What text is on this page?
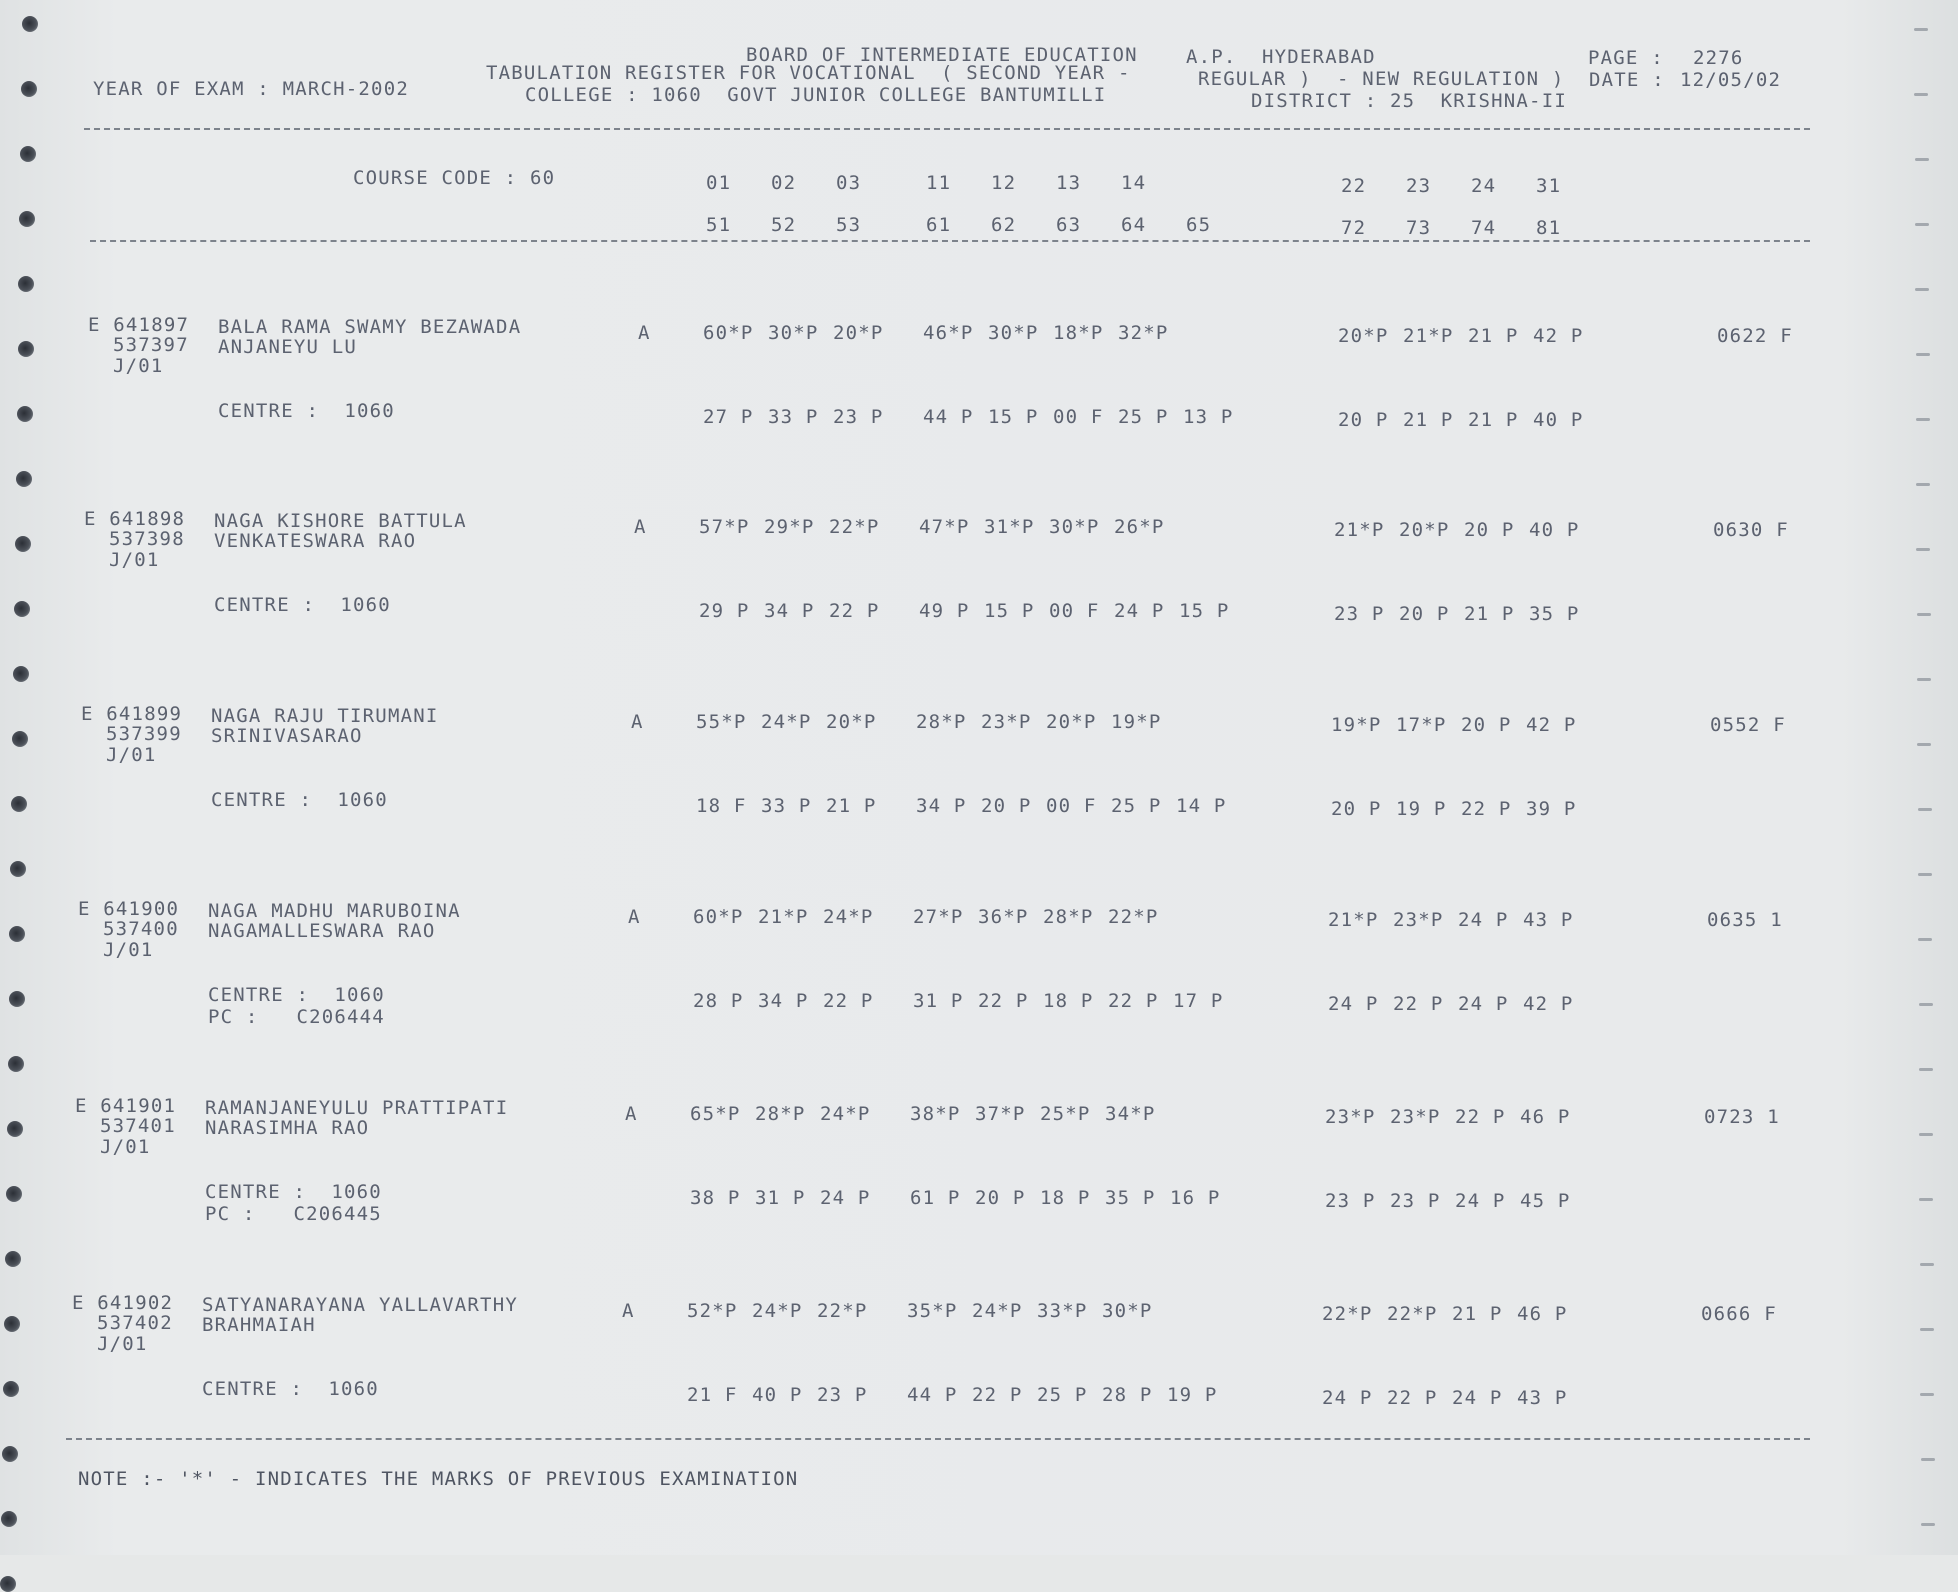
BOARD OF INTERMEDIATE EDUCATION	A.P. HYDERABAD	PAGE : 2276
YEAR OF EXAM : MARCH-2002
TABULATION REGISTER FOR VOCATIONAL  ( SECOND YEAR -	REGULAR )  - NEW REGULATION ) DATE : 12/05/02
COLLEGE : 1060  GOVT JUNIOR COLLEGE BANTUMILLI	DISTRICT : 25  KRISHNA-II
COURSE CODE : 60	01 02 03	11 12 13 14	22 23 24 31
51 52 53	61 62 63 64 65	72 73 74 81
E 641897
537397
J/01
BALA RAMA SWAMY BEZAWADA
ANJANEYU LU
A	60*P 30*P 20*P 46*P 30*P 18*P 32*P	20*P 21*P 21 P 42 P	0622 F
CENTRE :  1060	27 P 33 P 23 P 44 P 15 P 00 F 25 P 13 P	20 P 21 P 21 P 40 P
E 641898
537398
J/01
NAGA KISHORE BATTULA
VENKATESWARA RAO
A	57*P 29*P 22*P 47*P 31*P 30*P 26*P	21*P 20*P 20 P 40 P	0630 F
CENTRE :  1060	29 P 34 P 22 P 49 P 15 P 00 F 24 P 15 P	23 P 20 P 21 P 35 P
E 641899
537399
J/01
NAGA RAJU TIRUMANI
SRINIVASARAO
A	55*P 24*P 20*P 28*P 23*P 20*P 19*P	19*P 17*P 20 P 42 P	0552 F
CENTRE :  1060	18 F 33 P 21 P 34 P 20 P 00 F 25 P 14 P	20 P 19 P 22 P 39 P
E 641900
537400
J/01
NAGA MADHU MARUBOINA
NAGAMALLESWARA RAO
A	60*P 21*P 24*P 27*P 36*P 28*P 22*P	21*P 23*P 24 P 43 P	0635 1
CENTRE :  1060
PC :   C206444
28 P 34 P 22 P 31 P 22 P 18 P 22 P 17 P	24 P 22 P 24 P 42 P
E 641901
537401
J/01
RAMANJANEYULU PRATTIPATI
NARASIMHA RAO
A	65*P 28*P 24*P 38*P 37*P 25*P 34*P	23*P 23*P 22 P 46 P	0723 1
CENTRE :  1060
PC :   C206445
38 P 31 P 24 P 61 P 20 P 18 P 35 P 16 P	23 P 23 P 24 P 45 P
E 641902
537402
J/01
SATYANARAYANA YALLAVARTHY
BRAHMAIAH
A	52*P 24*P 22*P 35*P 24*P 33*P 30*P	22*P 22*P 21 P 46 P	0666 F
CENTRE :  1060	21 F 40 P 23 P 44 P 22 P 25 P 28 P 19 P	24 P 22 P 24 P 43 P
NOTE :- '*' - INDICATES THE MARKS OF PREVIOUS EXAMINATION
